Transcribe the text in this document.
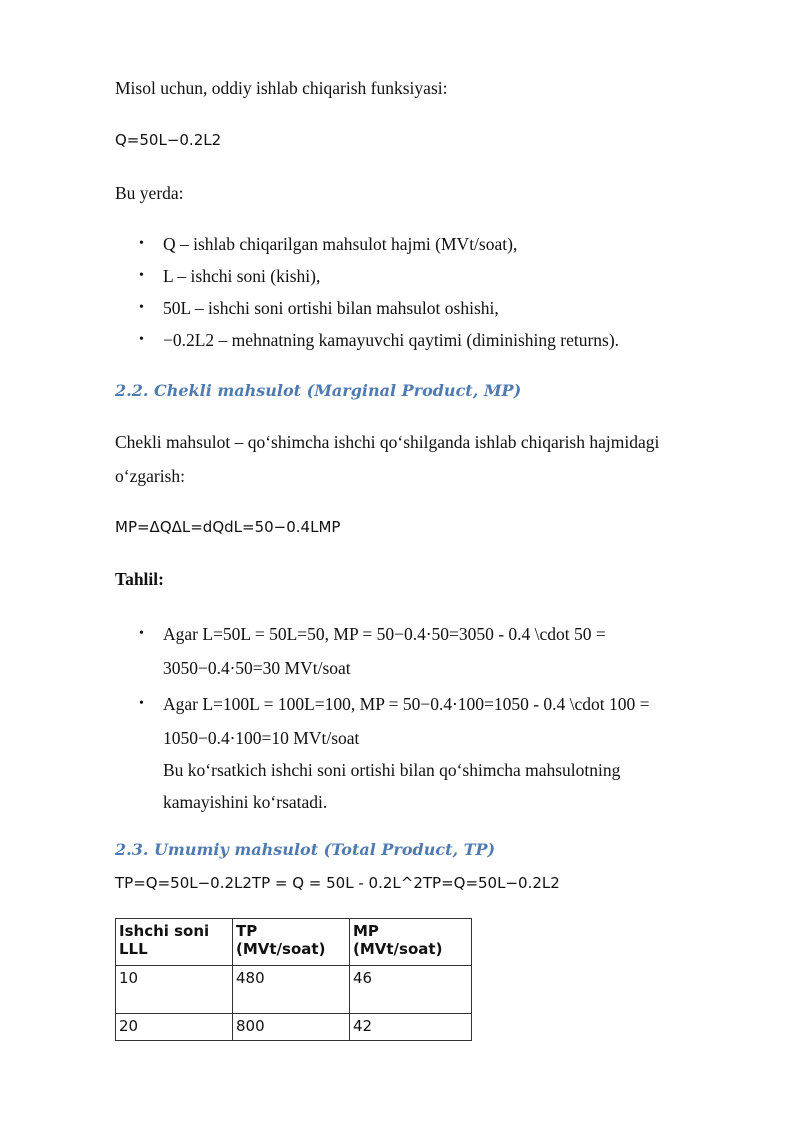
Misol uchun, oddiy ishlab chiqarish funksiyasi:

Q=50L−0.2L2

Bu yerda:

• Q – ishlab chiqarilgan mahsulot hajmi (MVt/soat),
• L – ishchi soni (kishi),
• 50L – ishchi soni ortishi bilan mahsulot oshishi,
• −0.2L2 – mehnatning kamayuvchi qaytimi (diminishing returns).
2.2. Chekli mahsulot (Marginal Product, MP)

Chekli mahsulot – qo‘shimcha ishchi qo‘shilganda ishlab chiqarish hajmidagi

o‘zgarish:

MP=ΔQΔL=dQdL=50−0.4LMP

Tahlil:

• Agar L=50L = 50L=50, MP = 50−0.4⋅50=3050 - 0.4 \cdot 50 =
3050−0.4⋅50=30 MVt/soat
• Agar L=100L = 100L=100, MP = 50−0.4⋅100=1050 - 0.4 \cdot 100 =
1050−0.4⋅100=10 MVt/soat
Bu ko‘rsatkich ishchi soni ortishi bilan qo‘shimcha mahsulotning
kamayishini ko‘rsatadi.
2.3. Umumiy mahsulot (Total Product, TP)

TP=Q=50L−0.2L2TP = Q = 50L - 0.2L^2TP=Q=50L−0.2L2

Ishchi soni LLL	TP (MVt/soat)	MP (MVt/soat)
10	480	46
20	800	42
